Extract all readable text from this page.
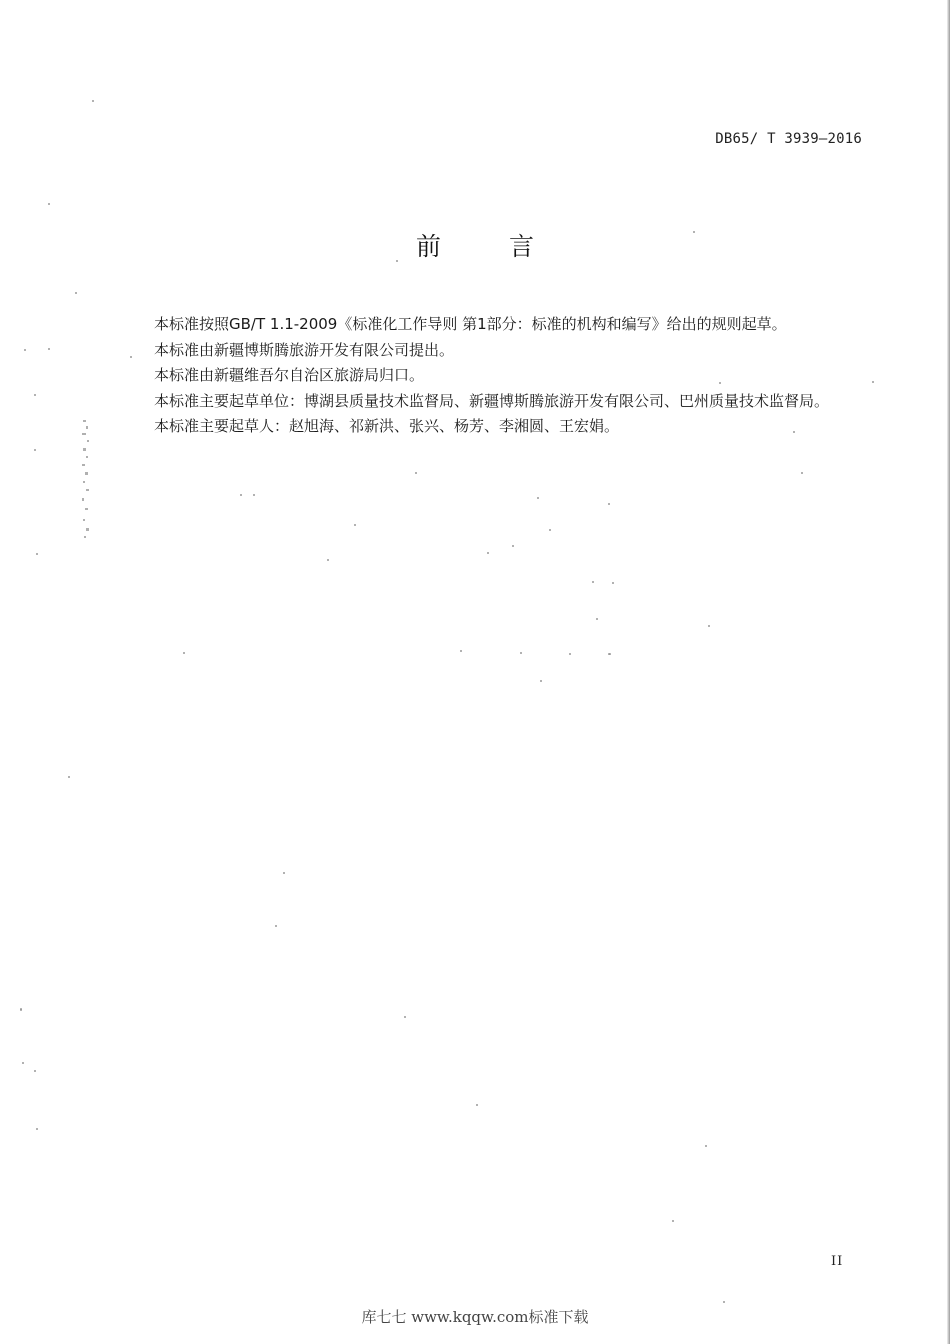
DB65/ T 3939—2016
前 言

本标准按照GB/T 1.1-2009《标准化工作导则 第1部分：标准的机构和编写》给出的规则起草。

本标准由新疆博斯腾旅游开发有限公司提出。

本标准由新疆维吾尔自治区旅游局归口。

本标准主要起草单位：博湖县质量技术监督局、新疆博斯腾旅游开发有限公司、巴州质量技术监督局。

本标准主要起草人：赵旭海、祁新洪、张兴、杨芳、李湘圆、王宏娟。

II
库七七 www.kqqw.com标准下载
